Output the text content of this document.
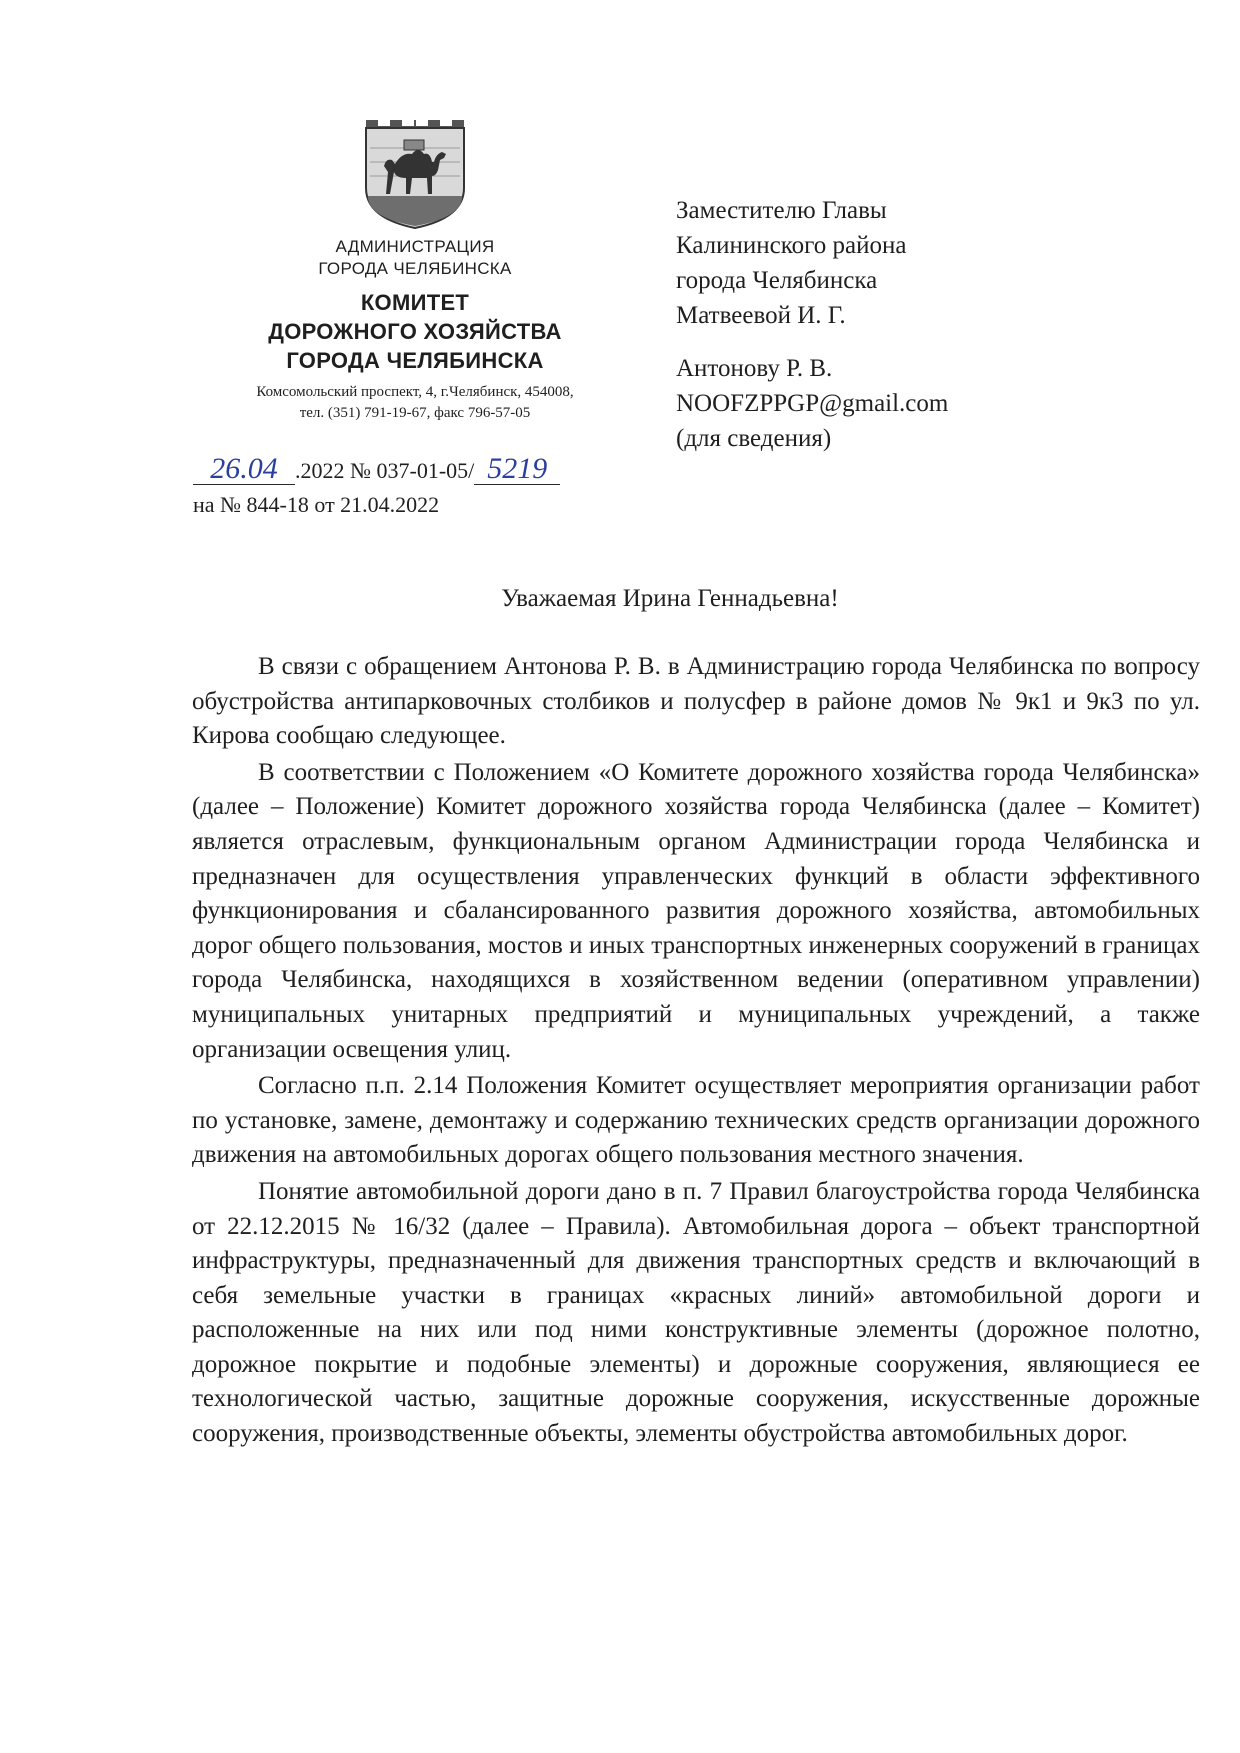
АДМИНИСТРАЦИЯ
ГОРОДА ЧЕЛЯБИНСКА
КОМИТЕТ
ДОРОЖНОГО ХОЗЯЙСТВА
ГОРОДА ЧЕЛЯБИНСКА
Комсомольский проспект, 4, г.Челябинск, 454008,
тел. (351) 791-19-67, факс 796-57-05
26.04 .2022 № 037-01-05/ 5219
на № 844-18 от 21.04.2022
Заместителю Главы
Калининского района
города Челябинска
Матвеевой И. Г.
Антонову Р. В.
NOOFZPPGP@gmail.com
(для сведения)
Уважаемая Ирина Геннадьевна!

В связи с обращением Антонова Р. В. в Администрацию города Челябинска по вопросу обустройства антипарковочных столбиков и полусфер в районе домов № 9к1 и 9к3 по ул. Кирова сообщаю следующее.

В соответствии с Положением «О Комитете дорожного хозяйства города Челябинска» (далее – Положение) Комитет дорожного хозяйства города Челябинска (далее – Комитет) является отраслевым, функциональным органом Администрации города Челябинска и предназначен для осуществления управленческих функций в области эффективного функционирования и сбалансированного развития дорожного хозяйства, автомобильных дорог общего пользования, мостов и иных транспортных инженерных сооружений в границах города Челябинска, находящихся в хозяйственном ведении (оперативном управлении) муниципальных унитарных предприятий и муниципальных учреждений, а также организации освещения улиц.

Согласно п.п. 2.14 Положения Комитет осуществляет мероприятия организации работ по установке, замене, демонтажу и содержанию технических средств организации дорожного движения на автомобильных дорогах общего пользования местного значения.

Понятие автомобильной дороги дано в п. 7 Правил благоустройства города Челябинска от 22.12.2015 № 16/32 (далее – Правила). Автомобильная дорога – объект транспортной инфраструктуры, предназначенный для движения транспортных средств и включающий в себя земельные участки в границах «красных линий» автомобильной дороги и расположенные на них или под ними конструктивные элементы (дорожное полотно, дорожное покрытие и подобные элементы) и дорожные сооружения, являющиеся ее технологической частью, защитные дорожные сооружения, искусственные дорожные сооружения, производственные объекты, элементы обустройства автомобильных дорог.
